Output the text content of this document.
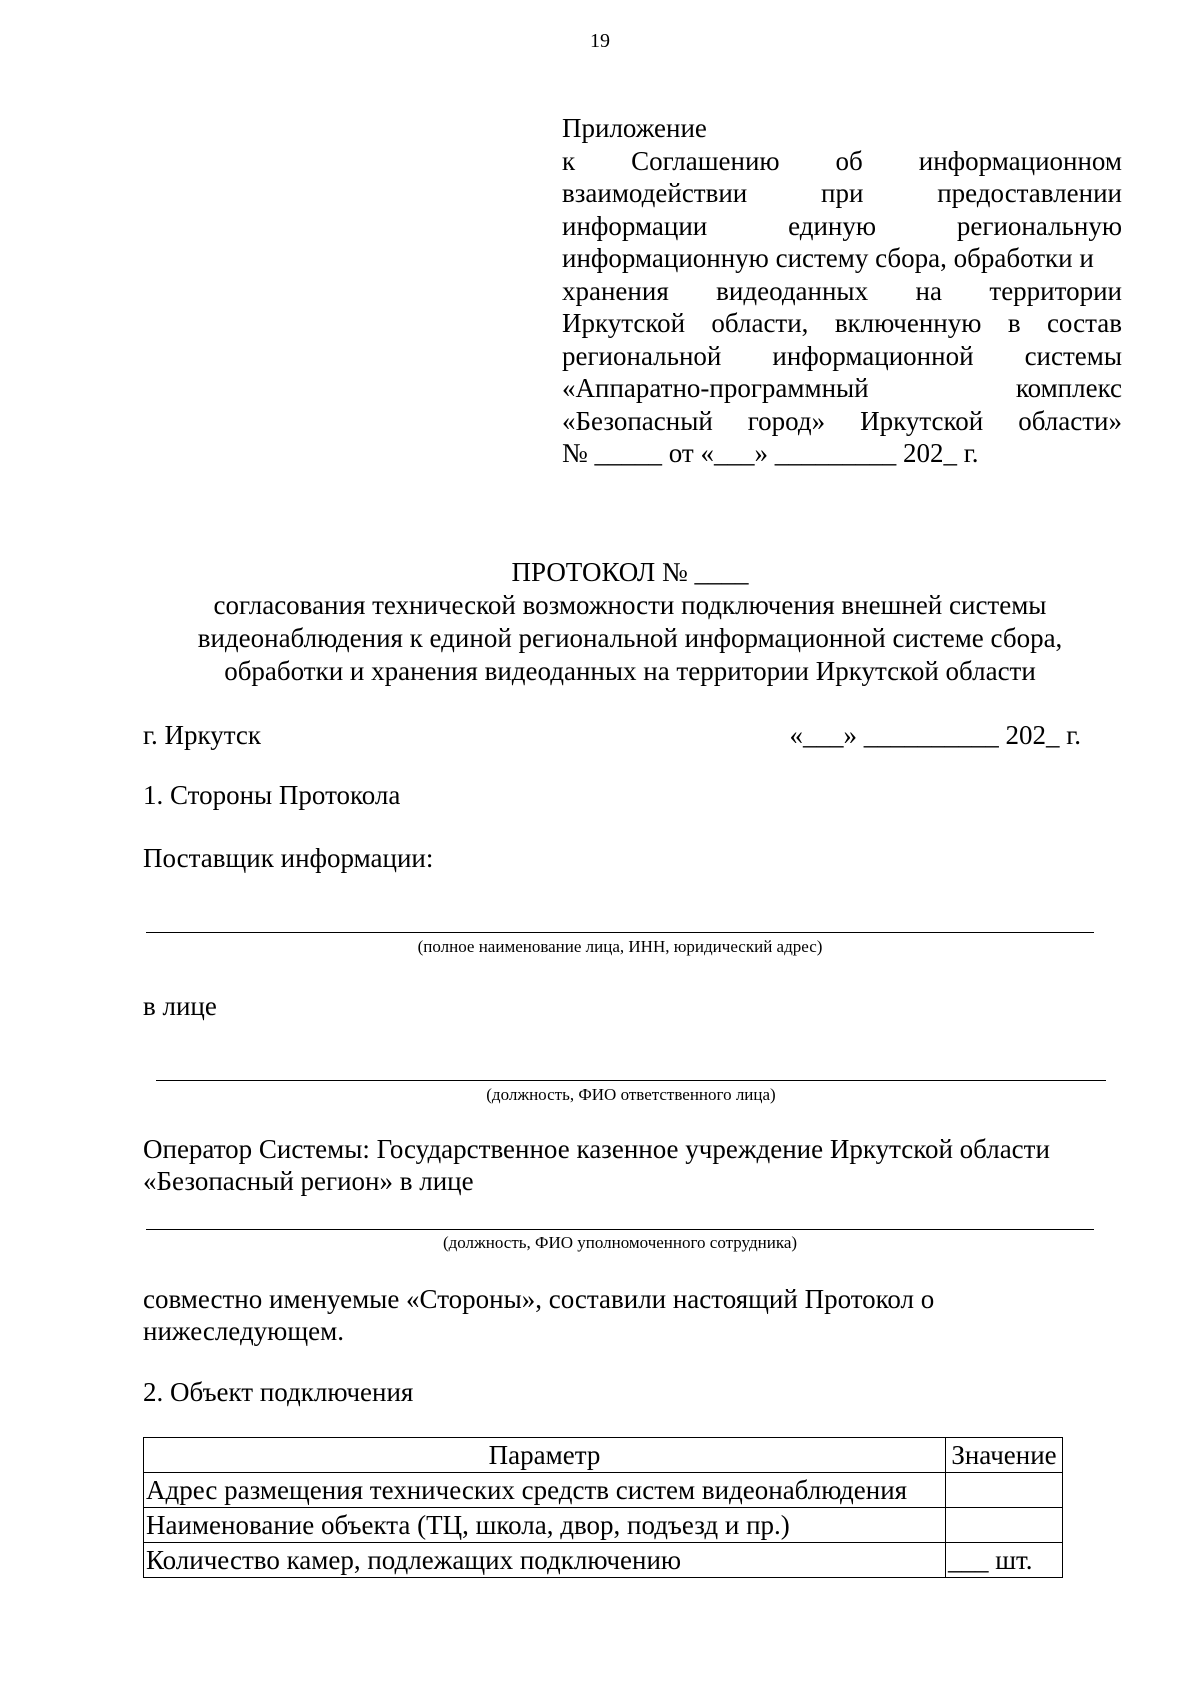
19
Приложение
к Соглашению об информационном
взаимодействии	при	предоставлении
информации	единую	региональную
информационную систему сбора, обработки и
хранения видеоданных на территории
Иркутской области, включенную в состав
региональной информационной системы
«Аппаратно-программный	комплекс
«Безопасный город» Иркутской области»
№ _____ от «___» _________ 202_ г.
ПРОТОКОЛ № ____
согласования технической возможности подключения внешней системы
видеонаблюдения к единой региональной информационной системе сбора,
обработки и хранения видеоданных на территории Иркутской области
г. Иркутск	«___» __________ 202_ г.
1. Стороны Протокола
Поставщик информации:
(полное наименование лица, ИНН, юридический адрес)
в лице
(должность, ФИО ответственного лица)
Оператор Системы: Государственное казенное учреждение Иркутской области
«Безопасный регион» в лице
(должность, ФИО уполномоченного сотрудника)
совместно именуемые «Стороны», составили настоящий Протокол о
нижеследующем.
2. Объект подключения
Параметр	Значение
Адрес размещения технических средств систем видеонаблюдения	
Наименование объекта (ТЦ, школа, двор, подъезд и пр.)	
Количество камер, подлежащих подключению	___ шт.
